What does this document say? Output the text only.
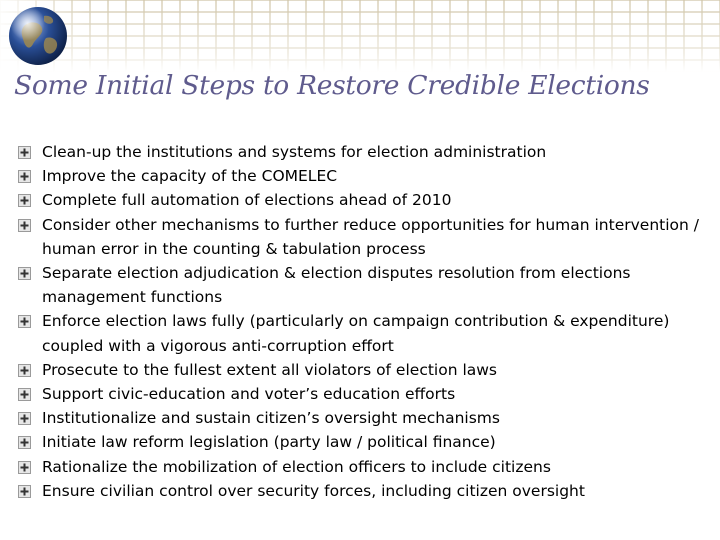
Some Initial Steps to Restore Credible Elections
Clean-up the institutions and systems for election administration
Improve the capacity of the COMELEC
Complete full automation of elections ahead of 2010
Consider other mechanisms to further reduce opportunities for human intervention / human error in the counting & tabulation process
Separate election adjudication & election disputes resolution from elections management functions
Enforce election laws fully (particularly on campaign contribution & expenditure) coupled with a vigorous anti-corruption effort
Prosecute to the fullest extent all violators of election laws
Support civic-education and voter’s education efforts
Institutionalize and sustain citizen’s oversight mechanisms
Initiate law reform legislation (party law / political finance)
Rationalize the mobilization of election officers to include citizens
Ensure civilian control over security forces, including citizen oversight
